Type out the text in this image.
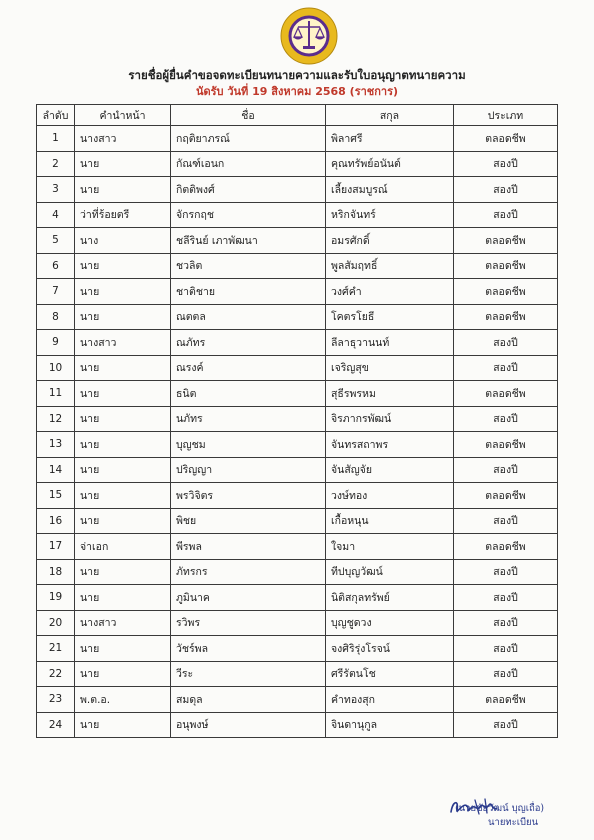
รายชื่อผู้ยื่นคำขอจดทะเบียนทนายความและรับใบอนุญาตทนายความ
นัดรับ วันที่ 19 สิงหาคม 2568 (ราชการ)
ลำดับ	คำนำหน้า	ชื่อ	สกุล	ประเภท
1	นางสาว	กฤติยาภรณ์	พิลาศรี	ตลอดชีพ
2	นาย	กัณฑ์เอนก	คุณทรัพย์อนันต์	สองปี
3	นาย	กิตติพงศ์	เลี้ยงสมบูรณ์	สองปี
4	ว่าที่ร้อยตรี	จักรกฤช	หริกจันทร์	สองปี
5	นาง	ชลีรินย์ เภาพัฒนา	อมรศักดิ์	ตลอดชีพ
6	นาย	ชวลิต	พูลสัมฤทธิ์	ตลอดชีพ
7	นาย	ชาติชาย	วงศ์คำ	ตลอดชีพ
8	นาย	ณตตล	โคตรโยธี	ตลอดชีพ
9	นางสาว	ณภัทร	ลีลาธุวานนท์	สองปี
10	นาย	ณรงค์	เจริญสุข	สองปี
11	นาย	ธนิต	สุธีรพรหม	ตลอดชีพ
12	นาย	นภัทร	จิรภากรพัฒน์	สองปี
13	นาย	บุญชม	จันทรสถาพร	ตลอดชีพ
14	นาย	ปริญญา	จันสัญจัย	สองปี
15	นาย	พรวิจิตร	วงษ์ทอง	ตลอดชีพ
16	นาย	พิชย	เกื้อหนุน	สองปี
17	จ่าเอก	พีรพล	ใจมา	ตลอดชีพ
18	นาย	ภัทรกร	ทีปบุญวัฒน์	สองปี
19	นาย	ภูมินาค	นิติสกุลทรัพย์	สองปี
20	นางสาว	รวิพร	บุญชูดวง	สองปี
21	นาย	วัชร์พล	จงศิริรุ่งโรจน์	สองปี
22	นาย	วีระ	ศรีรัตนโช	สองปี
23	พ.ต.อ.	สมดุล	คำทองสุก	ตลอดชีพ
24	นาย	อนุพงษ์	จินดานุกูล	สองปี
(นายขัยวัฒน์ บุญเถื่อ)
นายทะเบียน
